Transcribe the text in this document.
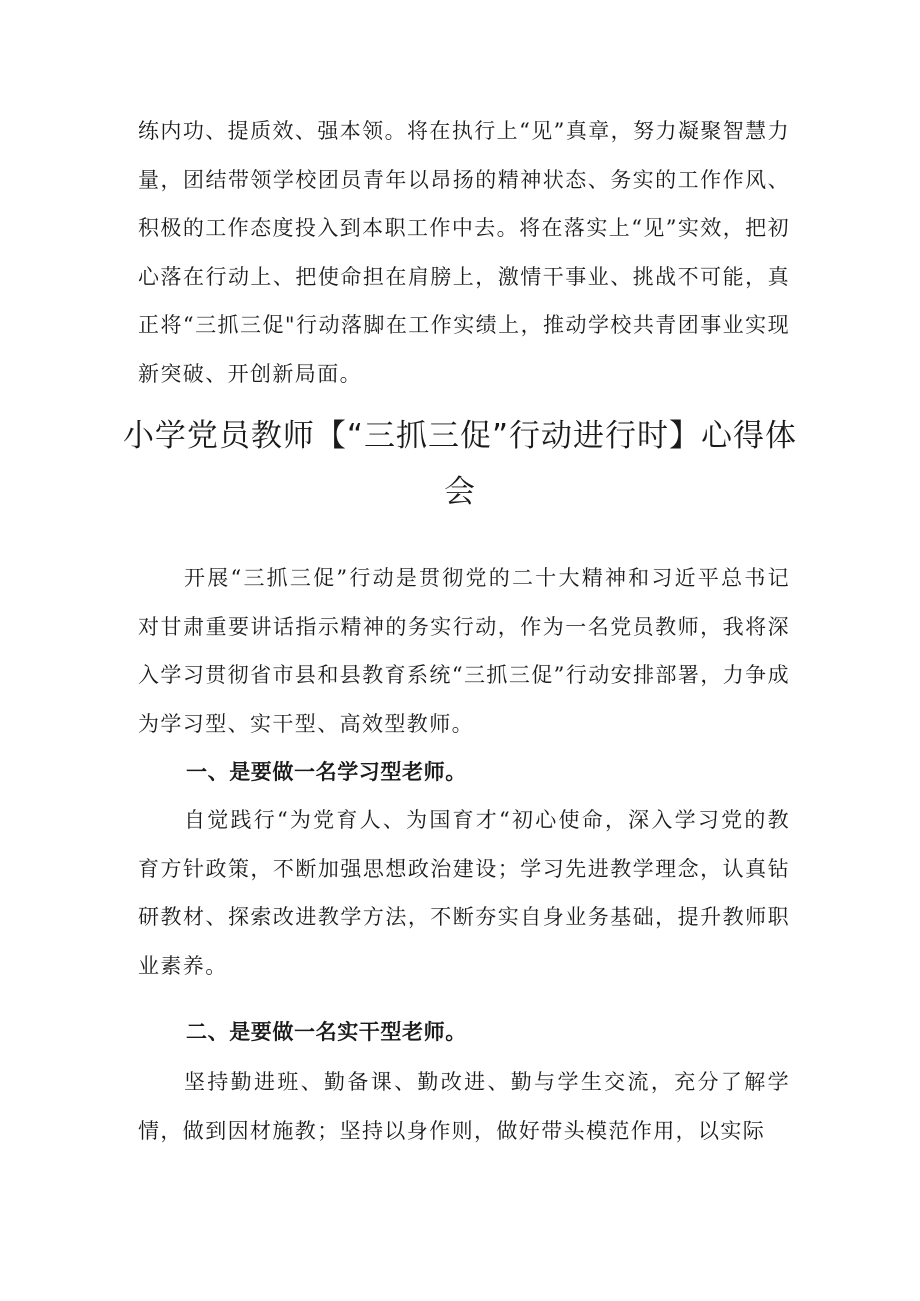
练内功、提质效、强本领。将在执行上“见”真章，努力凝聚智慧力量，团结带领学校团员青年以昂扬的精神状态、务实的工作作风、积极的工作态度投入到本职工作中去。将在落实上“见”实效，把初心落在行动上、把使命担在肩膀上，激情干事业、挑战不可能，真正将“三抓三促"行动落脚在工作实绩上，推动学校共青团事业实现新突破、开创新局面。

小学党员教师【“三抓三促”行动进行时】心得体会

开展“三抓三促”行动是贯彻党的二十大精神和习近平总书记对甘肃重要讲话指示精神的务实行动，作为一名党员教师，我将深入学习贯彻省市县和县教育系统“三抓三促”行动安排部署，力争成为学习型、实干型、高效型教师。

一、是要做一名学习型老师。

自觉践行“为党育人、为国育才“初心使命，深入学习党的教育方针政策，不断加强思想政治建设；学习先进教学理念，认真钻研教材、探索改进教学方法，不断夯实自身业务基础，提升教师职业素养。

二、是要做一名实干型老师。

坚持勤进班、勤备课、勤改进、勤与学生交流，充分了解学情，做到因材施教；坚持以身作则，做好带头模范作用，以实际
